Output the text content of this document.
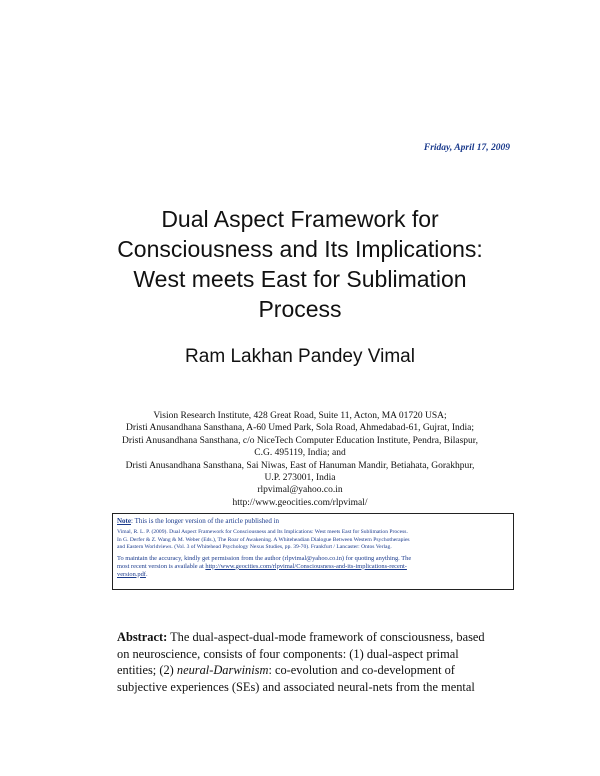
Friday, April 17, 2009
Dual Aspect Framework for
Consciousness and Its Implications:
West meets East for Sublimation
Process
Ram Lakhan Pandey Vimal
Vision Research Institute, 428 Great Road, Suite 11, Acton, MA 01720 USA;
Dristi Anusandhana Sansthana, A-60 Umed Park, Sola Road, Ahmedabad-61, Gujrat, India;
Dristi Anusandhana Sansthana, c/o NiceTech Computer Education Institute, Pendra, Bilaspur,
C.G. 495119, India; and
Dristi Anusandhana Sansthana, Sai Niwas, East of Hanuman Mandir, Betiahata, Gorakhpur,
U.P. 273001, India
rlpvimal@yahoo.co.in
http://www.geocities.com/rlpvimal/
Note: This is the longer version of the article published in
Vimal, R. L. P. (2009). Dual Aspect Framework for Consciousness and Its Implications: West meets East for Sublimation Process.
In G. Derfer & Z. Wang & M. Weber (Eds.), The Roar of Awakening. A Whiteheadian Dialogue Between Western Psychotherapies
and Eastern Worldviews. (Vol. 3 of Whitehead Psychology Nexus Studies, pp. 39-70). Frankfurt / Lancaster: Ontos Verlag.
To maintain the accuracy, kindly get permission from the author (rlpvimal@yahoo.co.in) for quoting anything. The
most recent version is available at http://www.geocities.com/rlpvimal/Consciousness-and-its-implications-recent-
version.pdf.
Abstract: The dual-aspect-dual-mode framework of consciousness, based
on neuroscience, consists of four components: (1) dual-aspect primal
entities; (2) neural-Darwinism: co-evolution and co-development of
subjective experiences (SEs) and associated neural-nets from the mental
